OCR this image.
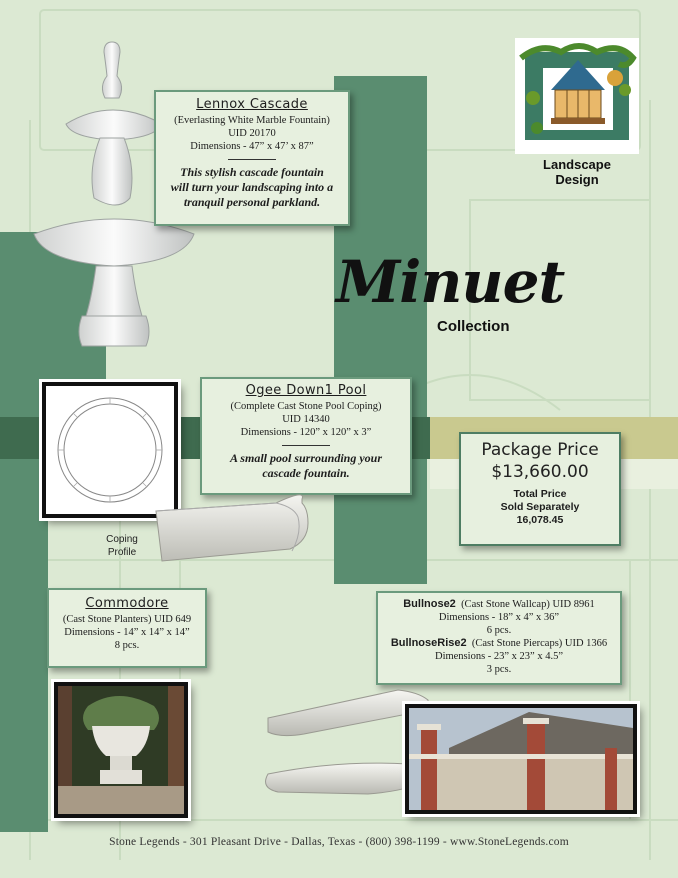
Lennox Cascade
(Everlasting White Marble Fountain)
UID 20170
Dimensions - 47” x 47’ x 87”
This stylish cascade fountain
will turn your landscaping into a
tranquil personal parkland.
Landscape
Design
Minuet
Collection
Ogee Down1 Pool
(Complete Cast Stone Pool Coping)
UID 14340
Dimensions - 120” x 120” x 3”
A small pool surrounding your
cascade fountain.
Coping
Profile
Package Price
$13,660.00
Total Price
Sold Separately
16,078.45
Commodore
(Cast Stone Planters) UID 649
Dimensions - 14” x 14” x 14”
8 pcs.
Bullnose2 (Cast Stone Wallcap) UID 8961
Dimensions - 18” x 4” x 36”
6 pcs.
BullnoseRise2 (Cast Stone Piercaps) UID 1366
Dimensions - 23” x 23” x 4.5”
3 pcs.
Stone Legends - 301 Pleasant Drive - Dallas, Texas - (800) 398-1199 - www.StoneLegends.com
